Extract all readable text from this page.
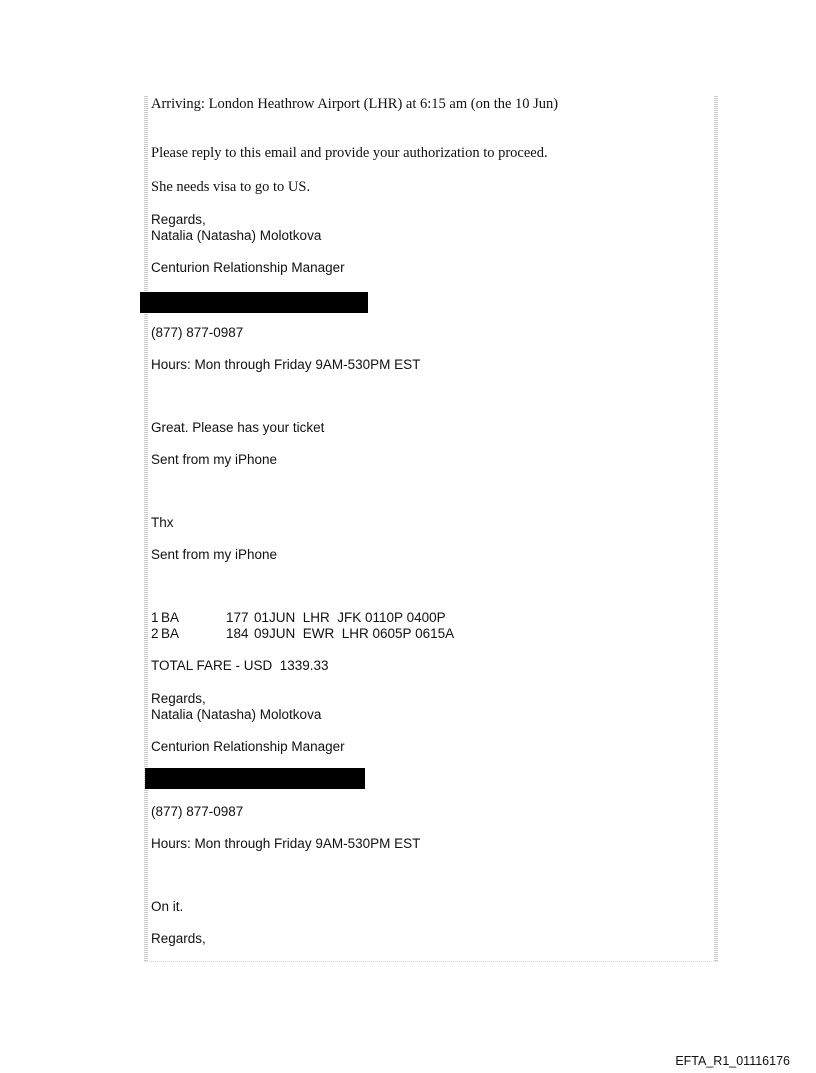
Arriving: London Heathrow Airport (LHR) at 6:15 am (on the 10 Jun)
Please reply to this email and provide your authorization to proceed.
She needs visa to go to US.
Regards,
Natalia (Natasha) Molotkova
Centurion Relationship Manager
(877) 877-0987
Hours: Mon through Friday 9AM-530PM EST
Great. Please has your ticket
Sent from my iPhone
Thx
Sent from my iPhone

1

BA

	177

01JUN  LHR  JFK 0110P 0400P

2

BA

	184

09JUN  EWR  LHR 0605P 0615A

TOTAL FARE - USD  1339.33
Regards,
Natalia (Natasha) Molotkova
Centurion Relationship Manager
(877) 877-0987
Hours: Mon through Friday 9AM-530PM EST
On it.
Regards,
EFTA_R1_01116176
